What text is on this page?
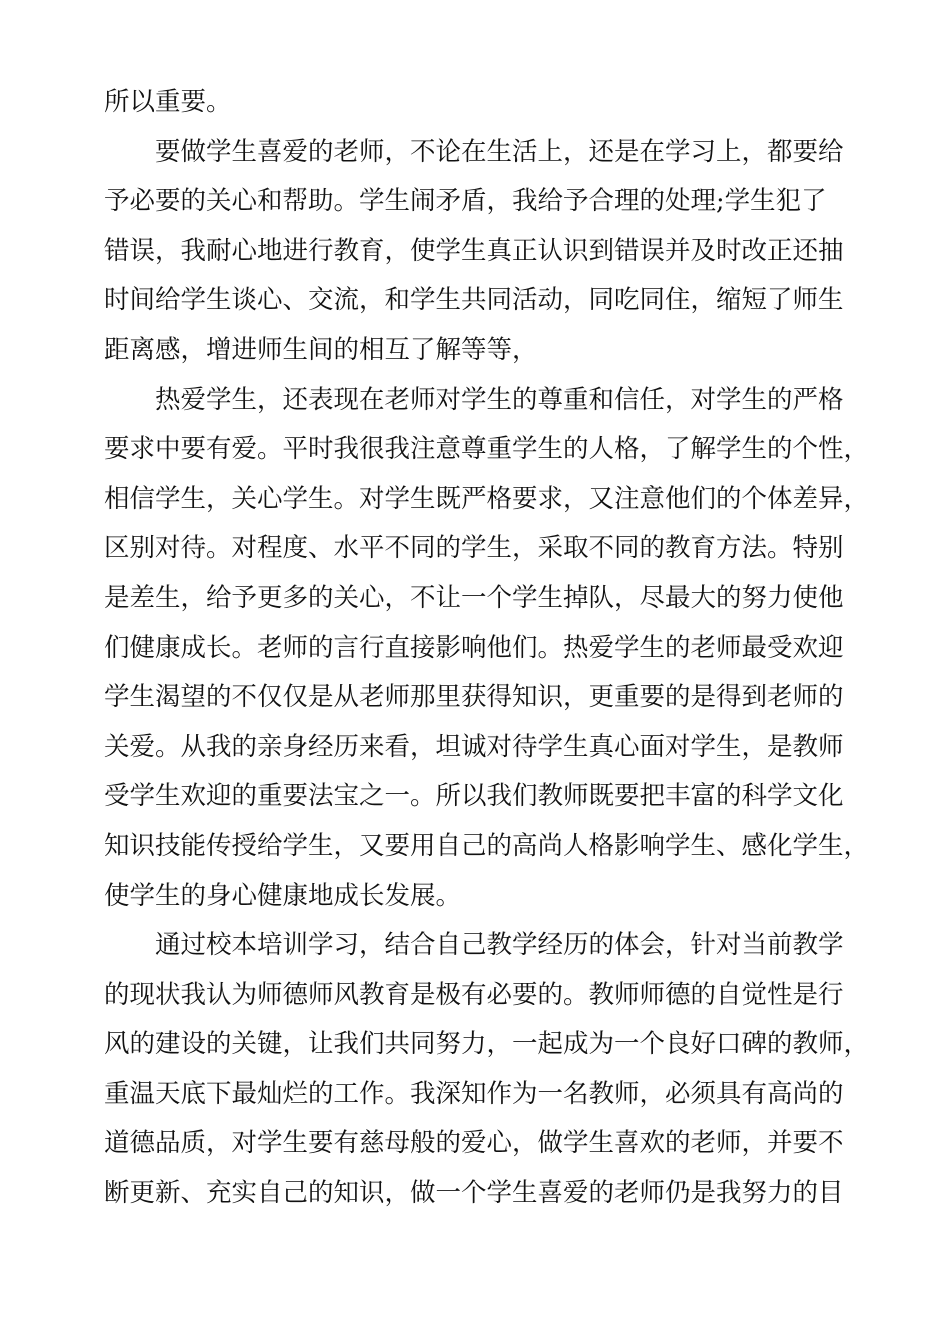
所以重要。
要做学生喜爱的老师，不论在生活上，还是在学习上，都要给
予必要的关心和帮助。学生闹矛盾，我给予合理的处理;学生犯了
错误，我耐心地进行教育，使学生真正认识到错误并及时改正还抽
时间给学生谈心、交流，和学生共同活动，同吃同住，缩短了师生
距离感，增进师生间的相互了解等等，
热爱学生，还表现在老师对学生的尊重和信任，对学生的严格
要求中要有爱。平时我很我注意尊重学生的人格，了解学生的个性，
相信学生，关心学生。对学生既严格要求，又注意他们的个体差异，
区别对待。对程度、水平不同的学生，采取不同的教育方法。特别
是差生，给予更多的关心，不让一个学生掉队，尽最大的努力使他
们健康成长。老师的言行直接影响他们。热爱学生的老师最受欢迎
学生渴望的不仅仅是从老师那里获得知识，更重要的是得到老师的
关爱。从我的亲身经历来看，坦诚对待学生真心面对学生，是教师
受学生欢迎的重要法宝之一。所以我们教师既要把丰富的科学文化
知识技能传授给学生，又要用自己的高尚人格影响学生、感化学生，
使学生的身心健康地成长发展。
通过校本培训学习，结合自己教学经历的体会，针对当前教学
的现状我认为师德师风教育是极有必要的。教师师德的自觉性是行
风的建设的关键，让我们共同努力，一起成为一个良好口碑的教师，
重温天底下最灿烂的工作。我深知作为一名教师，必须具有高尚的
道德品质，对学生要有慈母般的爱心，做学生喜欢的老师，并要不
断更新、充实自己的知识，做一个学生喜爱的老师仍是我努力的目
